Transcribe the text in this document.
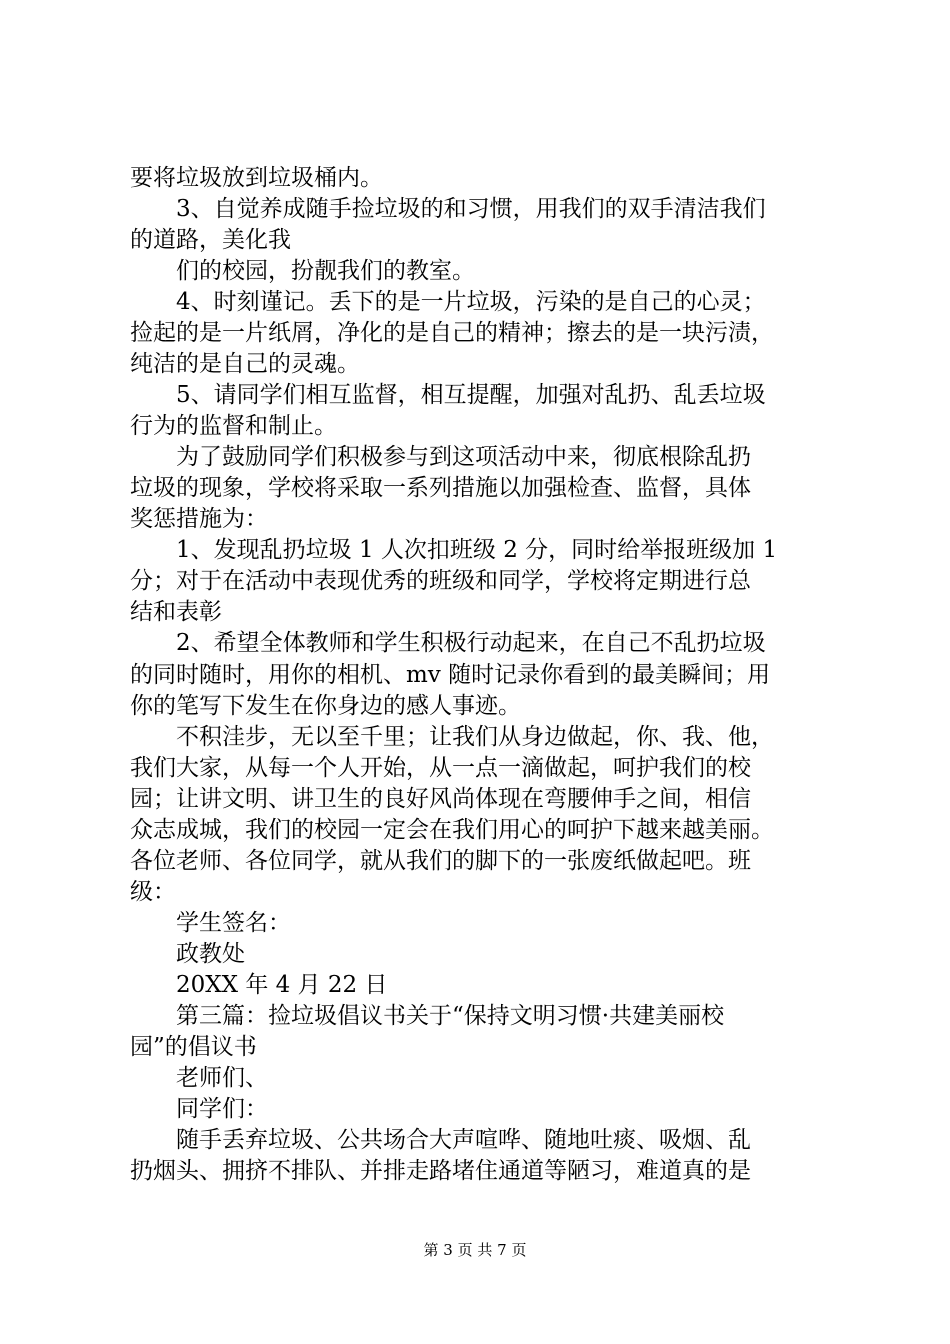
要将垃圾放到垃圾桶内。
3、自觉养成随手捡垃圾的和习惯，用我们的双手清洁我们
的道路，美化我
们的校园，扮靓我们的教室。
4、时刻谨记。丢下的是一片垃圾，污染的是自己的心灵；
捡起的是一片纸屑，净化的是自己的精神；擦去的是一块污渍，
纯洁的是自己的灵魂。
5、请同学们相互监督，相互提醒，加强对乱扔、乱丢垃圾
行为的监督和制止。
为了鼓励同学们积极参与到这项活动中来，彻底根除乱扔
垃圾的现象，学校将采取一系列措施以加强检查、监督，具体
奖惩措施为：
1、发现乱扔垃圾 1 人次扣班级 2 分，同时给举报班级加 1
分；对于在活动中表现优秀的班级和同学，学校将定期进行总
结和表彰
2、希望全体教师和学生积极行动起来，在自己不乱扔垃圾
的同时随时，用你的相机、mv 随时记录你看到的最美瞬间；用
你的笔写下发生在你身边的感人事迹。
不积洼步，无以至千里；让我们从身边做起，你、我、他，
我们大家，从每一个人开始，从一点一滴做起，呵护我们的校
园；让讲文明、讲卫生的良好风尚体现在弯腰伸手之间，相信
众志成城，我们的校园一定会在我们用心的呵护下越来越美丽。
各位老师、各位同学，就从我们的脚下的一张废纸做起吧。班
级：
学生签名：
政教处
20XX 年 4 月 22 日
第三篇：捡垃圾倡议书关于“保持文明习惯·共建美丽校
园”的倡议书
老师们、
同学们：
随手丢弃垃圾、公共场合大声喧哗、随地吐痰、吸烟、乱
扔烟头、拥挤不排队、并排走路堵住通道等陋习，难道真的是
第 3 页 共 7 页
